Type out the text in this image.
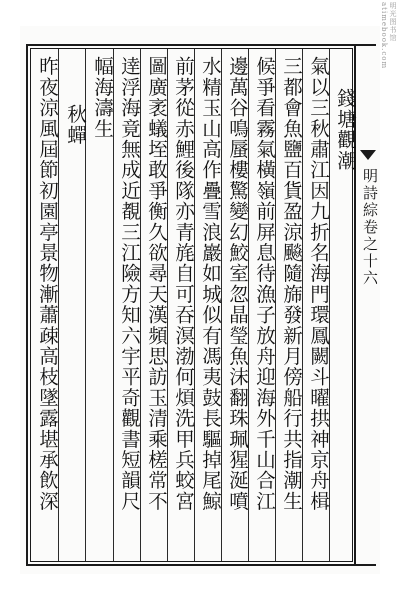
明光图书馆 atimebook.com
錢塘觀潮
氣以三秋肅江因九折名海門環鳳闕斗曜拱神京舟楫
三都會魚鹽百貨盈涼飈隨旆發新月傍船行共指潮生
候爭看霧氣橫嶺前屏息待漁子放舟迎海外千山合江
邊萬谷鳴蜃樓驚變幻鮫室忽晶瑩魚沫翻珠珮猩涎噴
水精玉山高作疊雪浪巖如城似有馮夷鼓長驅掉尾鯨
前茅從赤鯉後隊亦青旄自可吞溟渤何煩洗甲兵蛟宮
圖廣袤蟻垤敢爭衡久欲尋天漢頻思訪玉清乘槎常不
逹浮海竟無成近覩三江險方知六宇平奇觀書短韻尺
幅海濤生
秋蟬
昨夜涼風屆節初園亭景物漸蕭疎高枝墜露堪承飲深	明詩綜卷之十六
